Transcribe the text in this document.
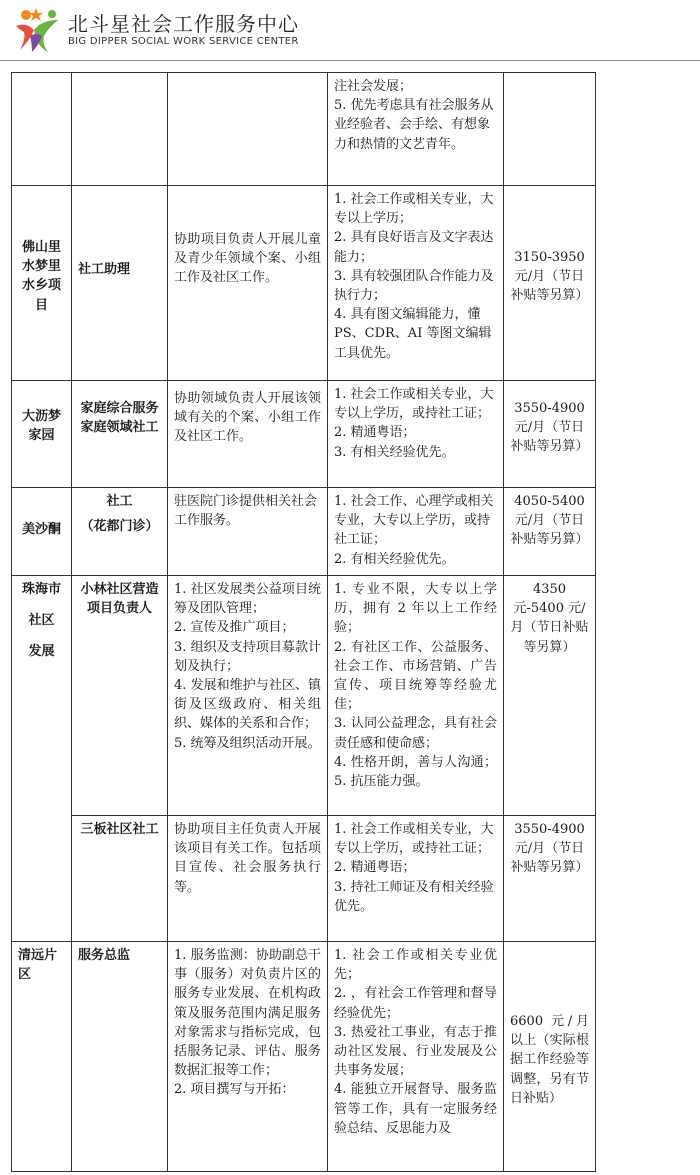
北斗星社会工作服务中心
BIG DIPPER SOCIAL WORK SERVICE CENTER

			注社会发展；
5. 优先考虑具有社会服务从业经验者、会手绘、有想象力和热情的文艺青年。	

佛山里水梦里水乡项目	社工助理	协助项目负责人开展儿童及青少年领域个案、小组工作及社区工作。	1. 社会工作或相关专业，大专以上学历；
2. 具有良好语言及文字表达能力；
3. 具有较强团队合作能力及执行力；
4. 具有图文编辑能力，懂 PS、CDR、AI 等图文编辑工具优先。	3150-3950 元/月（节日补贴等另算）
大沥梦家园	家庭综合服务家庭领域社工	协助领域负责人开展该领域有关的个案、小组工作及社区工作。	1. 社会工作或相关专业，大专以上学历，或持社工证；
2. 精通粤语；
3. 有相关经验优先。	3550-4900 元/月（节日补贴等另算）
美沙酮	社工
（花都门诊）	驻医院门诊提供相关社会工作服务。	1. 社会工作、心理学或相关专业，大专以上学历，或持社工证；
2. 有相关经验优先。	4050-5400 元/月（节日补贴等另算）

珠海市
社区
发展	小林社区营造项目负责人	1. 社区发展类公益项目统筹及团队管理；
2. 宣传及推广项目；
3. 组织及支持项目募款计划及执行；
4. 发展和维护与社区、镇街及区级政府、相关组织、媒体的关系和合作；
5. 统筹及组织活动开展。	1. 专业不限，大专以上学历，拥有 2 年以上工作经验；
2. 有社区工作、公益服务、社会工作、市场营销、广告宣传、项目统筹等经验尤佳；
3. 认同公益理念，具有社会责任感和使命感；
4. 性格开朗，善与人沟通；5. 抗压能力强。	4350 元-5400 元/月（节日补贴等另算）
	三板社区社工	协助项目主任负责人开展该项目有关工作。包括项目宣传、社会服务执行等。	1. 社会工作或相关专业，大专以上学历，或持社工证；
2. 精通粤语；
3. 持社工师证及有相关经验优先。	3550-4900 元/月（节日补贴等另算）
清远片区	服务总监	1. 服务监测：协助副总干事（服务）对负责片区的服务专业发展、在机构政策及服务范围内满足服务对象需求与指标完成，包括服务记录、评估、服务数据汇报等工作；
2. 项目撰写与开拓：	1. 社会工作或相关专业优先；
2. ，有社会工作管理和督导经验优先；
3. 热爱社工事业，有志于推动社区发展、行业发展及公共事务发展；
4. 能独立开展督导、服务监管等工作，具有一定服务经验总结、反思能力及	6600 元/月以上（实际根据工作经验等调整，另有节日补贴）
